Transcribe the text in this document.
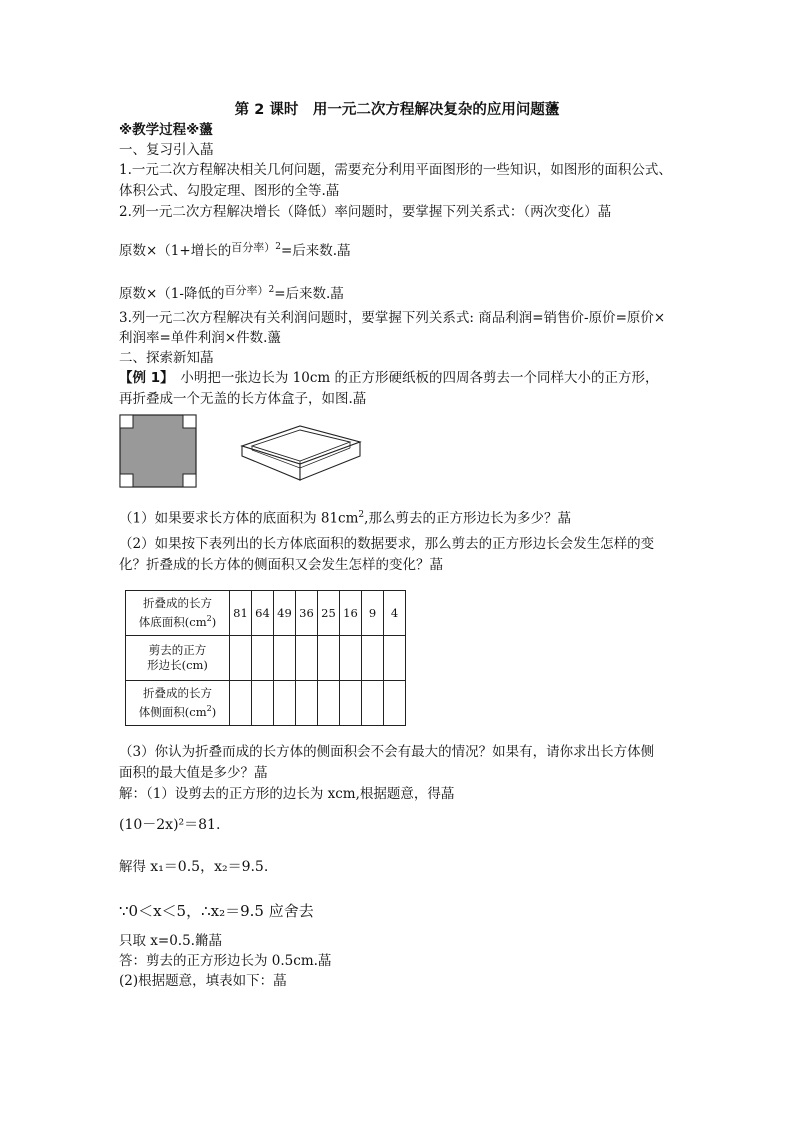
第 2 课时　用一元二次方程解决复杂的应用问题蘯
※教学过程※蘯
一、复习引入蕌
1.一元二次方程解决相关几何问题，需要充分利用平面图形的一些知识，如图形的面积公式、
体积公式、勾股定理、图形的全等.蕌
2.列一元二次方程解决增长（降低）率问题时，要掌握下列关系式：（两次变化）蕌
原数×（1+增长的$^{百分率)2}$=后来数.蕌
原数×（1-降低的$^{百分率)2}$=后来数.蕌
3.列一元二次方程解决有关利润问题时，要掌握下列关系式: 商品利润=销售价-原价=原价×
利润率=单件利润×件数.蘯
二、探索新知蕌
【例 1】　小明把一张边长为 10cm 的正方形硬纸板的四周各剪去一个同样大小的正方形，
再折叠成一个无盖的长方体盒子，如图.蕌
（1）如果要求长方体的底面积为 $81cm^2$,那么剪去的正方形边长为多少？蕌
（2）如果按下表列出的长方体底面积的数据要求，那么剪去的正方形边长会发生怎样的变
化？折叠成的长方体的侧面积又会发生怎样的变化？蕌
折叠成的长方
体底面积$(cm^2)$	81	64	49	36	25	16	9	4

剪去的正方
形边长(cm)								

折叠成的长方
体侧面积$(cm^2)$								

（3）你认为折叠而成的长方体的侧面积会不会有最大的情况？如果有，请你求出长方体侧
面积的最大值是多少？蕌
解：（1）设剪去的正方形的边长为 xcm,根据题意，得蕌
(10－2x)²＝81.
解得 x₁＝0.5，x₂＝9.5.
∵0＜x＜5，∴x₂＝9.5 应舍去
只取 x=0.5.鏅蕌
答：剪去的正方形边长为 0.5cm.蕌
(2)根据题意，填表如下：蕌
